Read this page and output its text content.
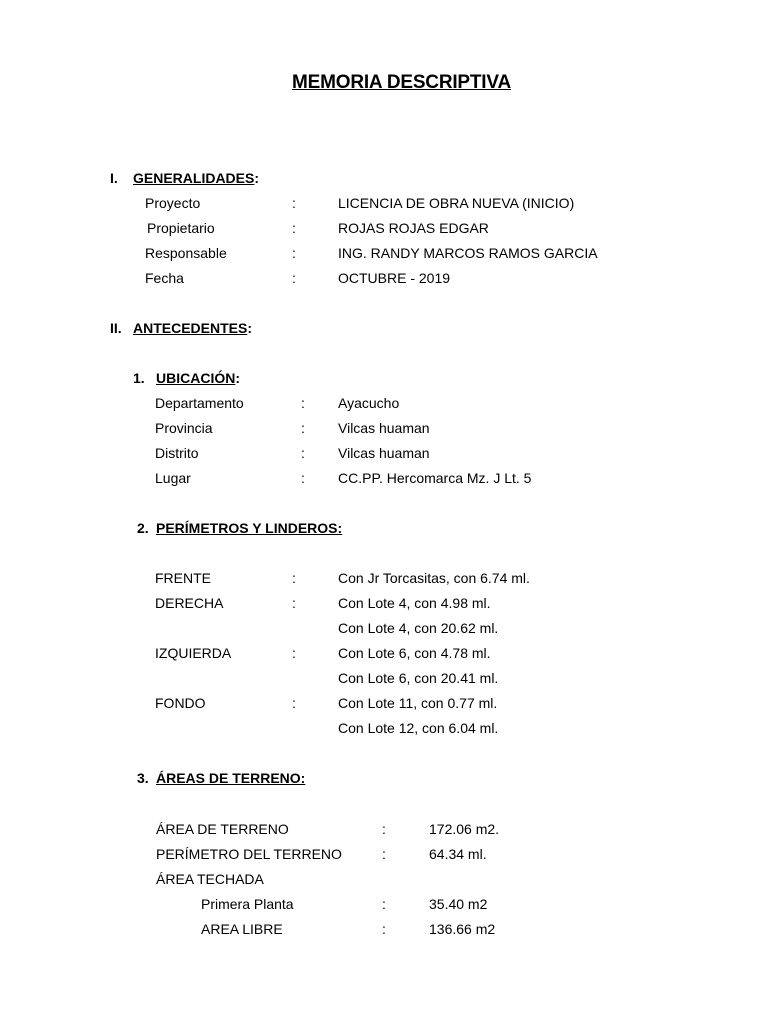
MEMORIA DESCRIPTIVA
I. GENERALIDADES:
Proyecto	:	LICENCIA DE OBRA NUEVA (INICIO)
Propietario	:	ROJAS ROJAS EDGAR
Responsable	:	ING. RANDY MARCOS RAMOS GARCIA
Fecha	:	OCTUBRE - 2019
II. ANTECEDENTES:
1. UBICACIÓN:
Departamento	: Ayacucho
Provincia	: Vilcas huaman
Distrito	: Vilcas huaman
Lugar	: CC.PP. Hercomarca Mz. J Lt. 5
2. PERÍMETROS Y LINDEROS:
FRENTE	:	Con Jr Torcasitas, con 6.74 ml.
DERECHA	:	Con Lote 4, con 4.98 ml.
Con Lote 4, con 20.62 ml.
IZQUIERDA	:	Con Lote 6, con 4.78 ml.
Con Lote 6, con 20.41 ml.
FONDO	:	Con Lote 11, con 0.77 ml.
Con Lote 12, con 6.04 ml.
3. ÁREAS DE TERRENO:
ÁREA DE TERRENO	:	172.06 m2.
PERÍMETRO DEL TERRENO	:	64.34 ml.
ÁREA TECHADA
Primera Planta	:	35.40 m2
AREA LIBRE	:	136.66 m2
